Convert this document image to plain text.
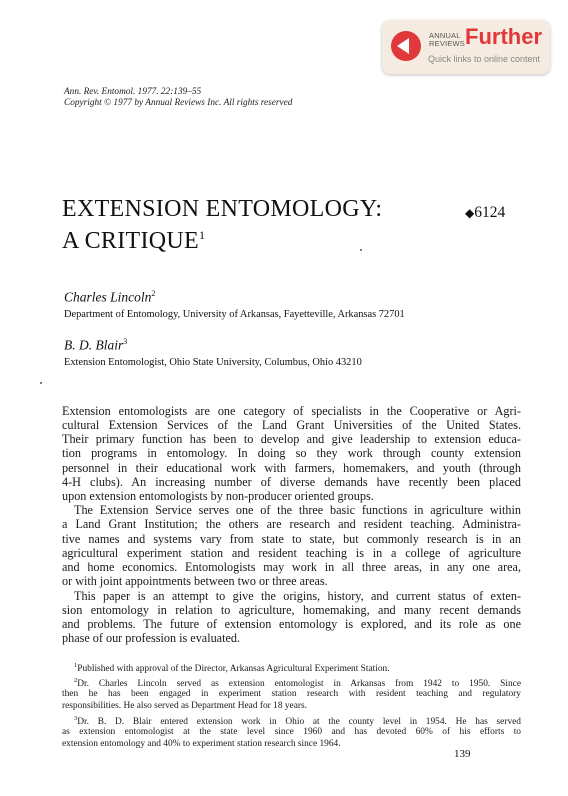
ANNUAL
REVIEWS Further
Quick links to online content
Ann. Rev. Entomol. 1977. 22:139–55
Copyright © 1977 by Annual Reviews Inc. All rights reserved
EXTENSION ENTOMOLOGY:
A CRITIQUE$^1$
◆6124
Charles Lincoln$^2$
Department of Entomology, University of Arkansas, Fayetteville, Arkansas 72701
B. D. Blair$^3$
Extension Entomologist, Ohio State University, Columbus, Ohio 43210
Extension entomologists are one category of specialists in the Cooperative or Agri-
cultural Extension Services of the Land Grant Universities of the United States.
Their primary function has been to develop and give leadership to extension educa-
tion programs in entomology. In doing so they work through county extension
personnel in their educational work with farmers, homemakers, and youth (through
4-H clubs). An increasing number of diverse demands have recently been placed
upon extension entomologists by non-producer oriented groups.
The Extension Service serves one of the three basic functions in agriculture within
a Land Grant Institution; the others are research and resident teaching. Administra-
tive names and systems vary from state to state, but commonly research is in an
agricultural experiment station and resident teaching is in a college of agriculture
and home economics. Entomologists may work in all three areas, in any one area,
or with joint appointments between two or three areas.
This paper is an attempt to give the origins, history, and current status of exten-
sion entomology in relation to agriculture, homemaking, and many recent demands
and problems. The future of extension entomology is explored, and its role as one
phase of our profession is evaluated.
$^1$Published with approval of the Director, Arkansas Agricultural Experiment Station.
$^2$Dr. Charles Lincoln served as extension entomologist in Arkansas from 1942 to 1950. Since
then he has been engaged in experiment station research with resident teaching and regulatory
responsibilities. He also served as Department Head for 18 years.
$^3$Dr. B. D. Blair entered extension work in Ohio at the county level in 1954. He has served
as extension entomologist at the state level since 1960 and has devoted 60% of his efforts to
extension entomology and 40% to experiment station research since 1964.
139
